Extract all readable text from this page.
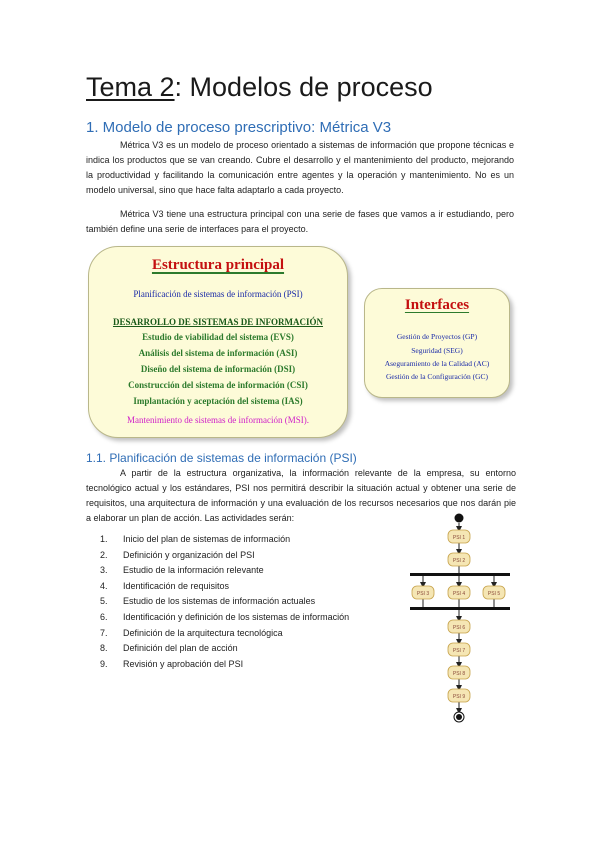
Tema 2: Modelos de proceso
1. Modelo de proceso prescriptivo: Métrica V3

Métrica V3 es un modelo de proceso orientado a sistemas de información que propone técnicas e indica los productos que se van creando. Cubre el desarrollo y el mantenimiento del producto, mejorando la productividad y facilitando la comunicación entre agentes y la operación y mantenimiento. No es un modelo universal, sino que hace falta adaptarlo a cada proyecto.

Métrica V3 tiene una estructura principal con una serie de fases que vamos a ir estudiando, pero también define una serie de interfaces para el proyecto.

Estructura principal
Planificación de sistemas de información (PSI)
DESARROLLO DE SISTEMAS DE INFORMACIÓN
Estudio de viabilidad del sistema (EVS)
Análisis del sistema de información (ASI)
Diseño del sistema de información (DSI)
Construcción del sistema de información (CSI)
Implantación y aceptación del sistema (IAS)
Mantenimiento de sistemas de información (MSI).
Interfaces
Gestión de Proyectos (GP)
Seguridad (SEG)
Aseguramiento de la Calidad (AC)
Gestión de la Configuración (GC)
1.1. Planificación de sistemas de información (PSI)

A partir de la estructura organizativa, la información relevante de la empresa, su entorno tecnológico actual y los estándares, PSI nos permitirá describir la situación actual y obtener una serie de requisitos, una arquitectura de información y una evaluación de los recursos necesarios que nos darán pie a elaborar un plan de acción. Las actividades serán:

1. Inicio del plan de sistemas de información
2. Definición y organización del PSI
3. Estudio de la información relevante
4. Identificación de requisitos
5. Estudio de los sistemas de información actuales
6. Identificación y definición de los sistemas de información
7. Definición de la arquitectura tecnológica
8. Definición del plan de acción
9. Revisión y aprobación del PSI
PSI 1
PSI 2
PSI 3	PSI 4	PSI 5
PSI 6
PSI 7
PSI 8
PSI 9
